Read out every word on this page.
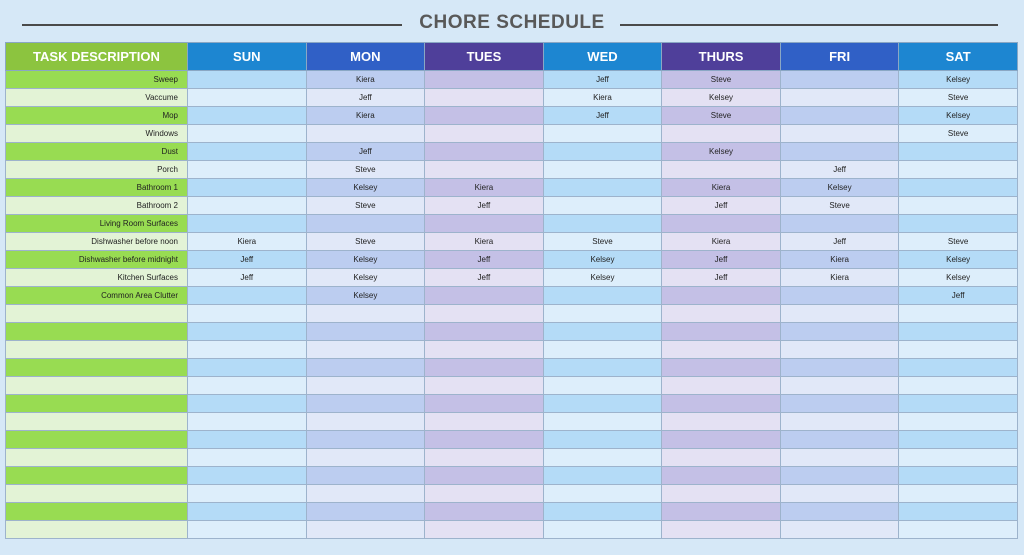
CHORE SCHEDULE
TASK DESCRIPTION	SUN	MON	TUES	WED	THURS	FRI	SAT
Sweep		Kiera		Jeff	Steve		Kelsey
Vaccume		Jeff		Kiera	Kelsey		Steve
Mop		Kiera		Jeff	Steve		Kelsey
Windows							Steve
Dust		Jeff			Kelsey		
Porch		Steve				Jeff	
Bathroom 1		Kelsey	Kiera		Kiera	Kelsey	
Bathroom 2		Steve	Jeff		Jeff	Steve	
Living Room Surfaces							
Dishwasher before noon	Kiera	Steve	Kiera	Steve	Kiera	Jeff	Steve
Dishwasher before midnight	Jeff	Kelsey	Jeff	Kelsey	Jeff	Kiera	Kelsey
Kitchen Surfaces	Jeff	Kelsey	Jeff	Kelsey	Jeff	Kiera	Kelsey
Common Area Clutter		Kelsey					Jeff
